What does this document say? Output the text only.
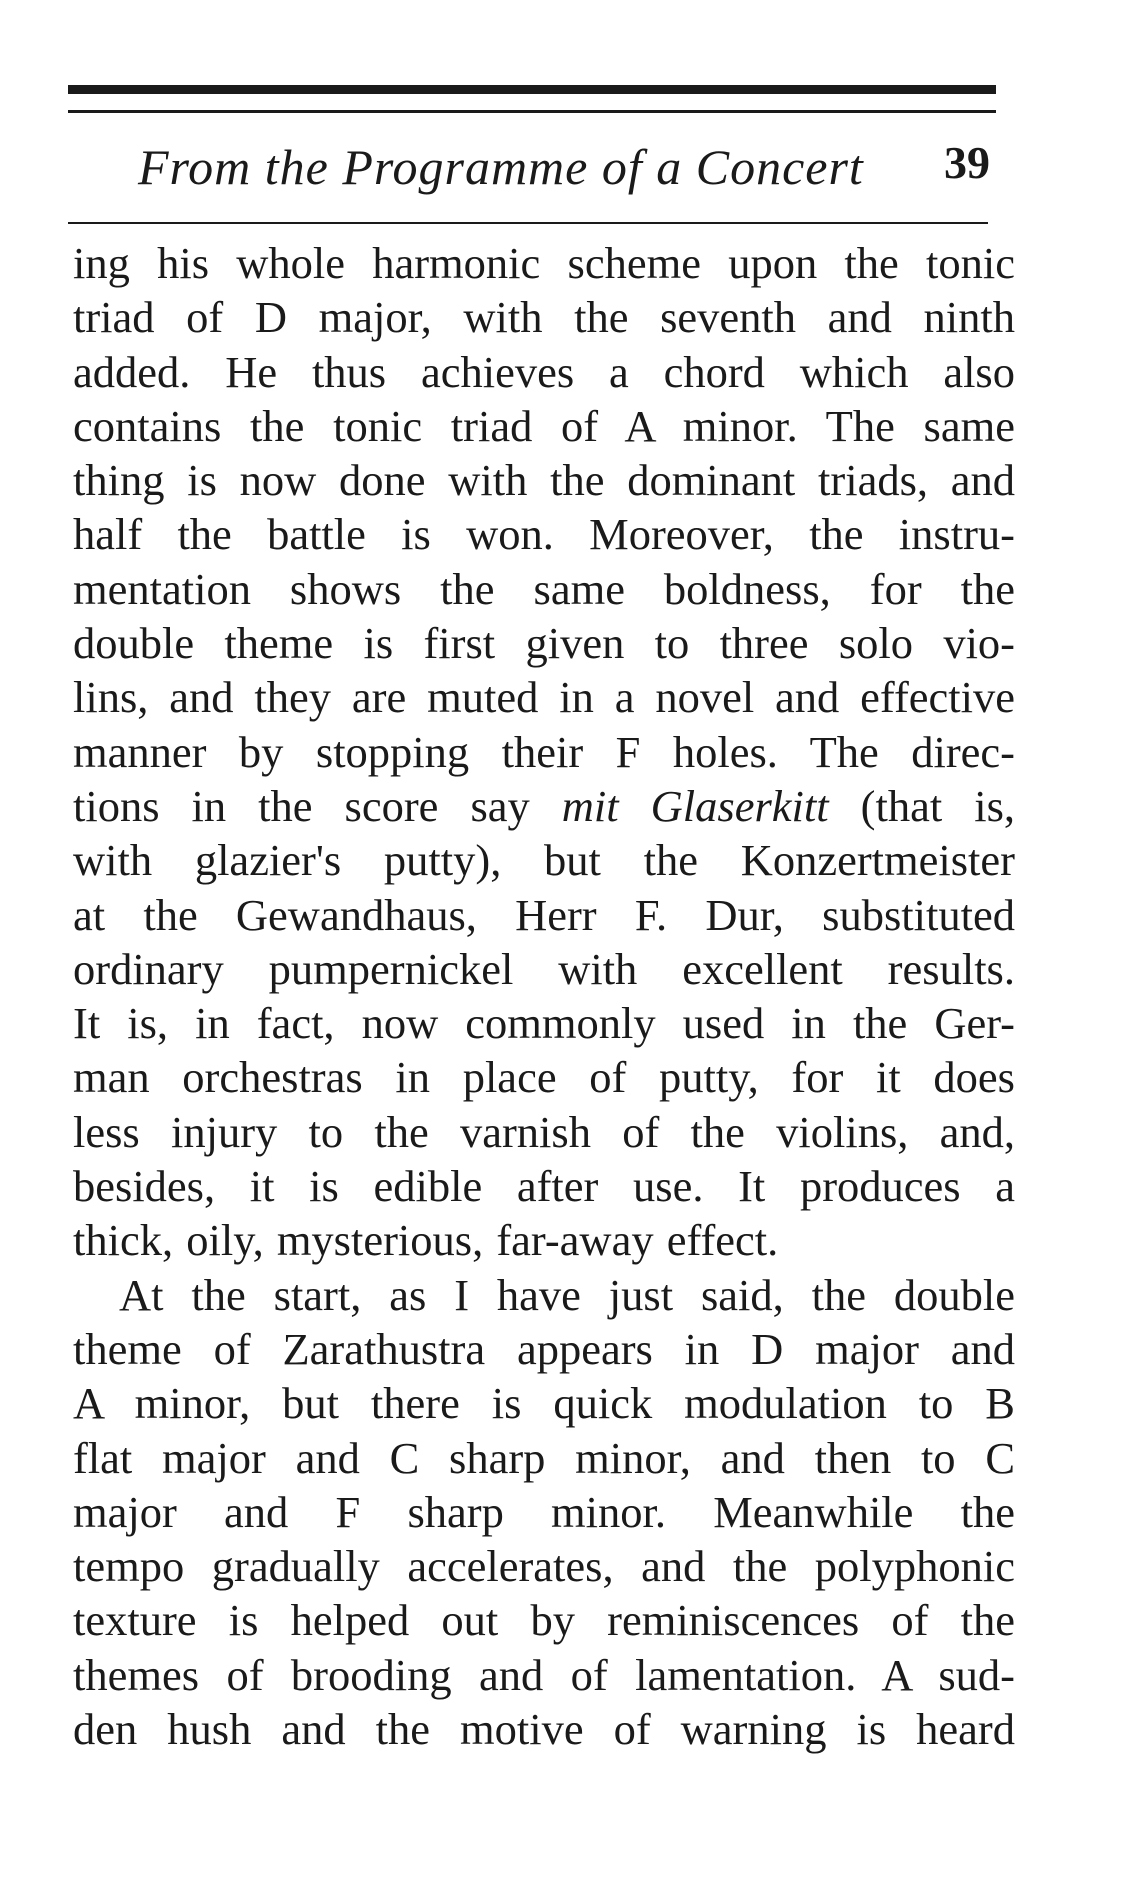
From the Programme of a Concert 39
ing his whole harmonic scheme upon the tonic
triad of D major, with the seventh and ninth
added. He thus achieves a chord which also
contains the tonic triad of A minor. The same
thing is now done with the dominant triads, and
half the battle is won. Moreover, the instru-
mentation shows the same boldness, for the
double theme is first given to three solo vio-
lins, and they are muted in a novel and effective
manner by stopping their F holes. The direc-
tions in the score say mit Glaserkitt (that is,
with glazier's putty), but the Konzertmeister
at the Gewandhaus, Herr F. Dur, substituted
ordinary pumpernickel with excellent results.
It is, in fact, now commonly used in the Ger-
man orchestras in place of putty, for it does
less injury to the varnish of the violins, and,
besides, it is edible after use. It produces a
thick, oily, mysterious, far-away effect.
At the start, as I have just said, the double
theme of Zarathustra appears in D major and
A minor, but there is quick modulation to B
flat major and C sharp minor, and then to C
major and F sharp minor. Meanwhile the
tempo gradually accelerates, and the polyphonic
texture is helped out by reminiscences of the
themes of brooding and of lamentation. A sud-
den hush and the motive of warning is heard
